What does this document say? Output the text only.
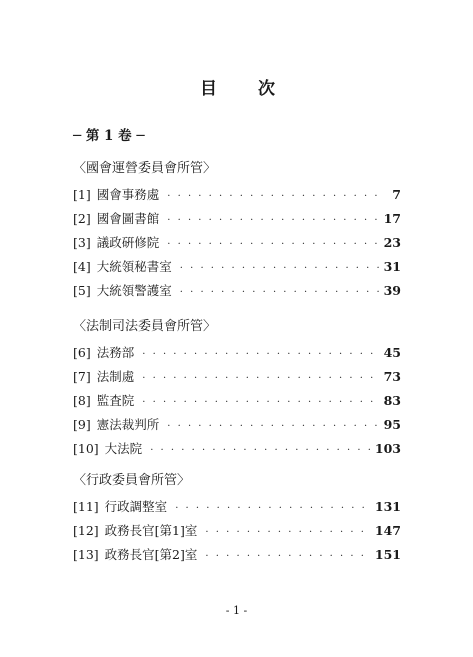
目 次
─ 第 1 卷 ─
〈國會運營委員會所管〉
[1] 國會事務處 · · ·	7
[2] 國會圖書館 · · ·	17
[3] 議政硏修院 · · ·	23
[4] 大統領秘書室 · · ·	31
[5] 大統領警護室 · · ·	39
〈法制司法委員會所管〉
[6] 法務部 · · ·	45
[7] 法制處 · · ·	73
[8] 監査院 · · ·	83
[9] 憲法裁判所 · · ·	95
[10] 大法院 · · ·	103
〈行政委員會所管〉
[11] 行政調整室 · · ·	131
[12] 政務長官[第1]室 · · ·	147
[13] 政務長官[第2]室 · · ·	151
- 1 -
